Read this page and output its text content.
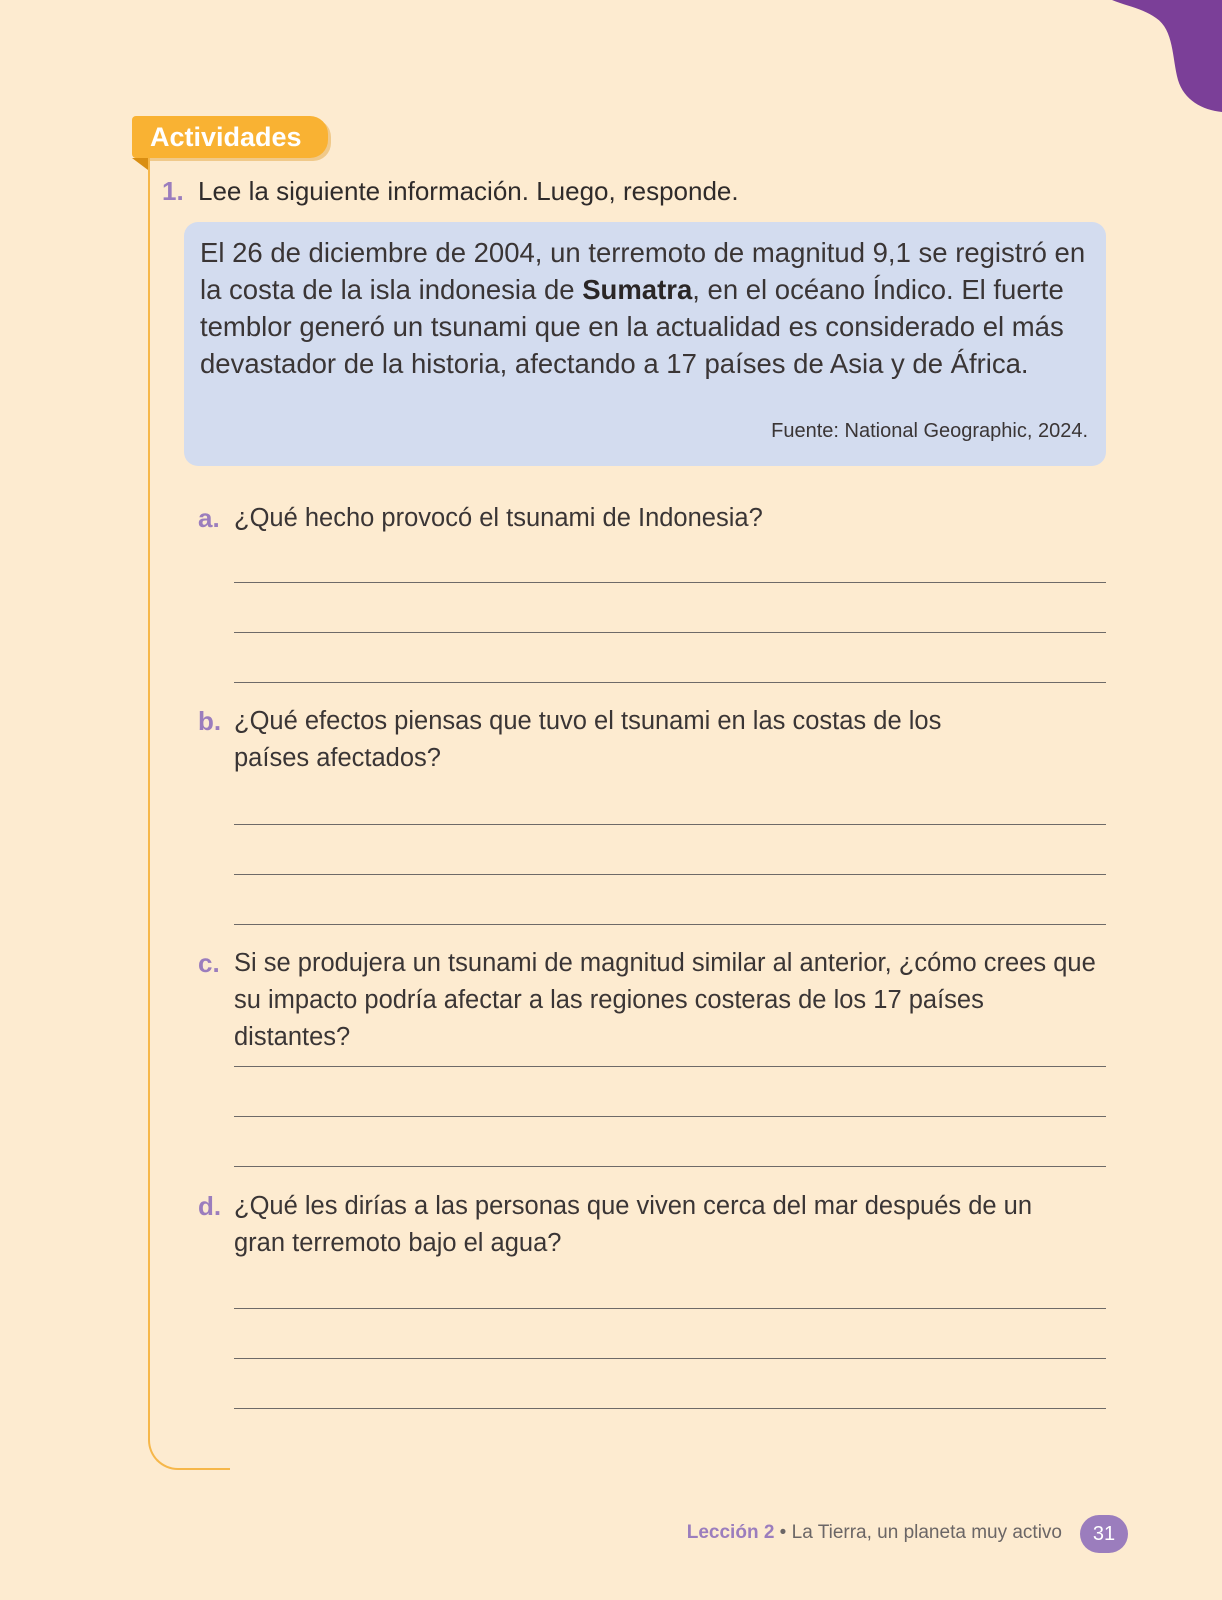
Actividades
1. Lee la siguiente información. Luego, responde.

El 26 de diciembre de 2004, un terremoto de magnitud 9,1 se registró en la costa de la isla indonesia de Sumatra, en el océano Índico. El fuerte temblor generó un tsunami que en la actualidad es considerado el más devastador de la historia, afectando a 17 países de Asia y de África.

Fuente: National Geographic, 2024.
a. ¿Qué hecho provocó el tsunami de Indonesia?

b. ¿Qué efectos piensas que tuvo el tsunami en las costas de los países afectados?

c. Si se produjera un tsunami de magnitud similar al anterior, ¿cómo crees que su impacto podría afectar a las regiones costeras de los 17 países distantes?

d. ¿Qué les dirías a las personas que viven cerca del mar después de un gran terremoto bajo el agua?

Lección 2 • La Tierra, un planeta muy activo	31
